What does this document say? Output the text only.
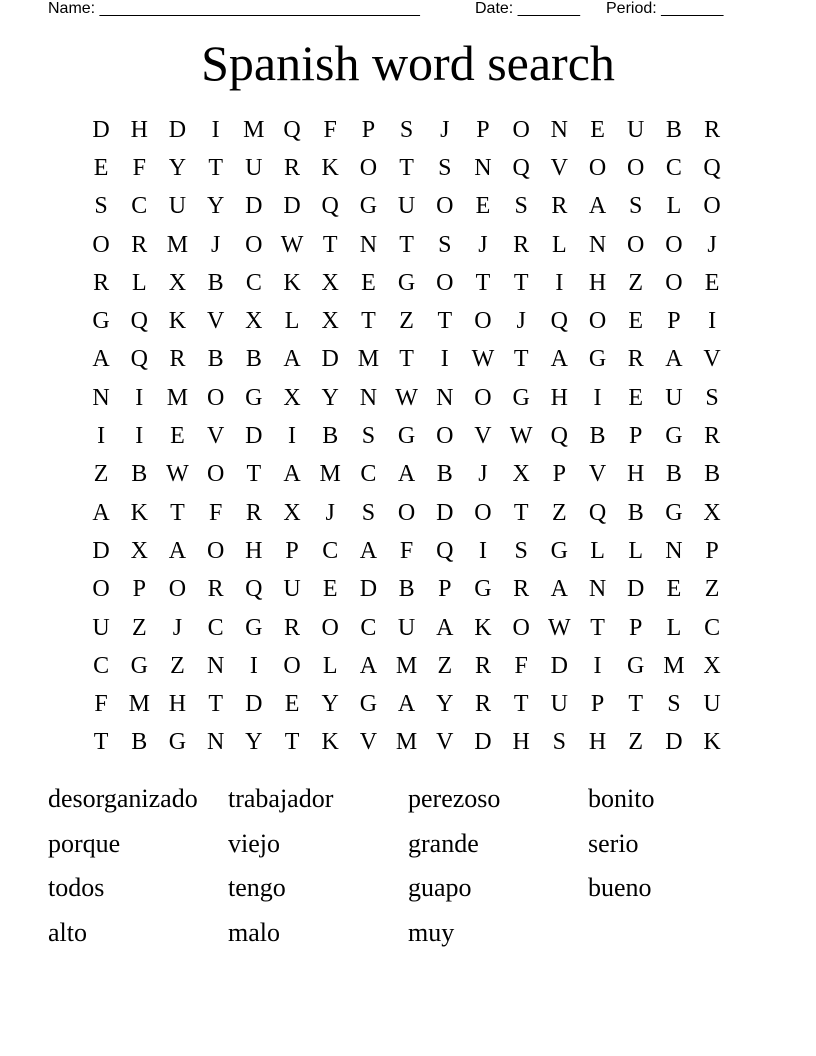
Name: ____________________________________

	Date: _______

Period: _______

Spanish word search
D H D	I M Q F	P	S	J	P O N E U B R
E	F Y T U R K O T	S N Q V O O C Q
S C U Y D D Q G U O E	S R A S	L O
O R M J	O W T N T	S	J	R L N O O	J
R L X B C K X E G O T T	I	H Z O E
G Q K V X L X T Z T O	J	Q O E	P	I
A Q R B B A D M T	I W T A G R A V
N	I M O G X Y N W N O G H	I	E U S
I	I	E V D	I	B S G O V W Q B P G R
Z B W O T A M C A B	J	X P V H B B
A K T	F R X	J	S O D O T Z Q B G X
D X A O H P C A F Q	I	S G L L N P
O P O R Q U E D B P G R A N D E Z
U Z	J	C G R O C U A K O W T	P	L C
C G Z N	I	O L A M Z R F D	I	G M X
F M H T D E Y G A Y R T U P	T	S U
T B G N Y T K V M V D H S H Z D K
desorganizado	trabajador	perezoso	bonito
porque	viejo	grande	serio
todos	tengo	guapo	bueno
alto	malo	muy
